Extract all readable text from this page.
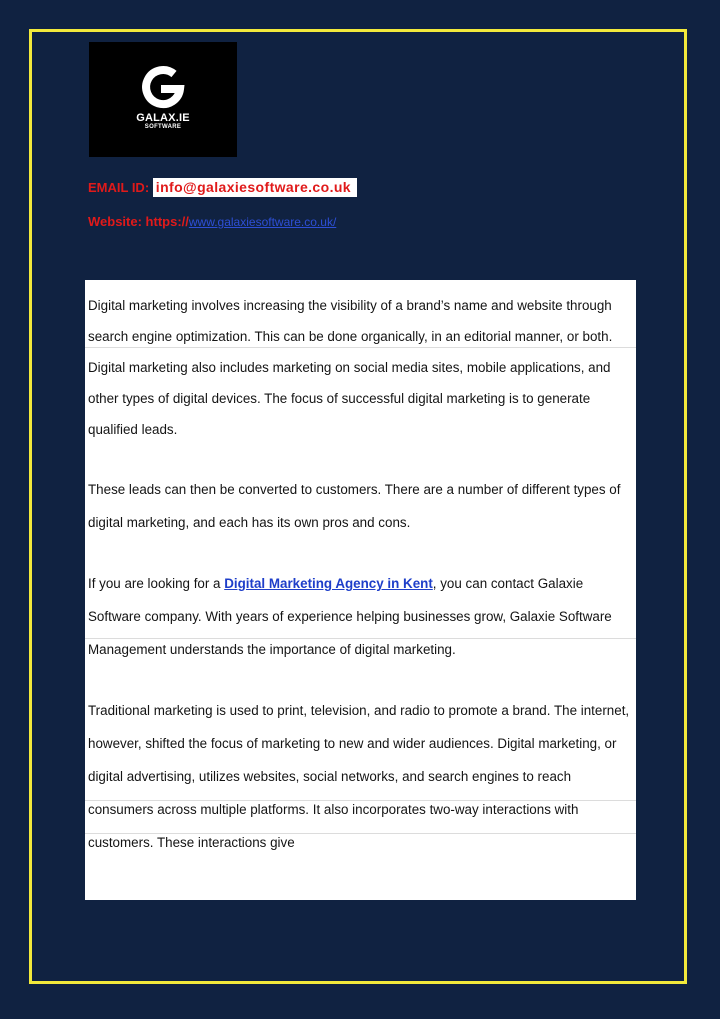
GALAX.IE
SOFTWARE
EMAIL ID: info@galaxiesoftware.co.uk
Website: https://www.galaxiesoftware.co.uk/

Digital marketing involves increasing the visibility of a brand’s name and website through search engine optimization. This can be done organically, in an editorial manner, or both. Digital marketing also includes marketing on social media sites, mobile applications, and other types of digital devices. The focus of successful digital marketing is to generate qualified leads.

These leads can then be converted to customers. There are a number of different types of digital marketing, and each has its own pros and cons.

If you are looking for a Digital Marketing Agency in Kent, you can contact Galaxie Software company. With years of experience helping businesses grow, Galaxie Software Management understands the importance of digital marketing.

Traditional marketing is used to print, television, and radio to promote a brand. The internet, however, shifted the focus of marketing to new and wider audiences. Digital marketing, or digital advertising, utilizes websites, social networks, and search engines to reach consumers across multiple platforms. It also incorporates two-way interactions with customers. These interactions give
